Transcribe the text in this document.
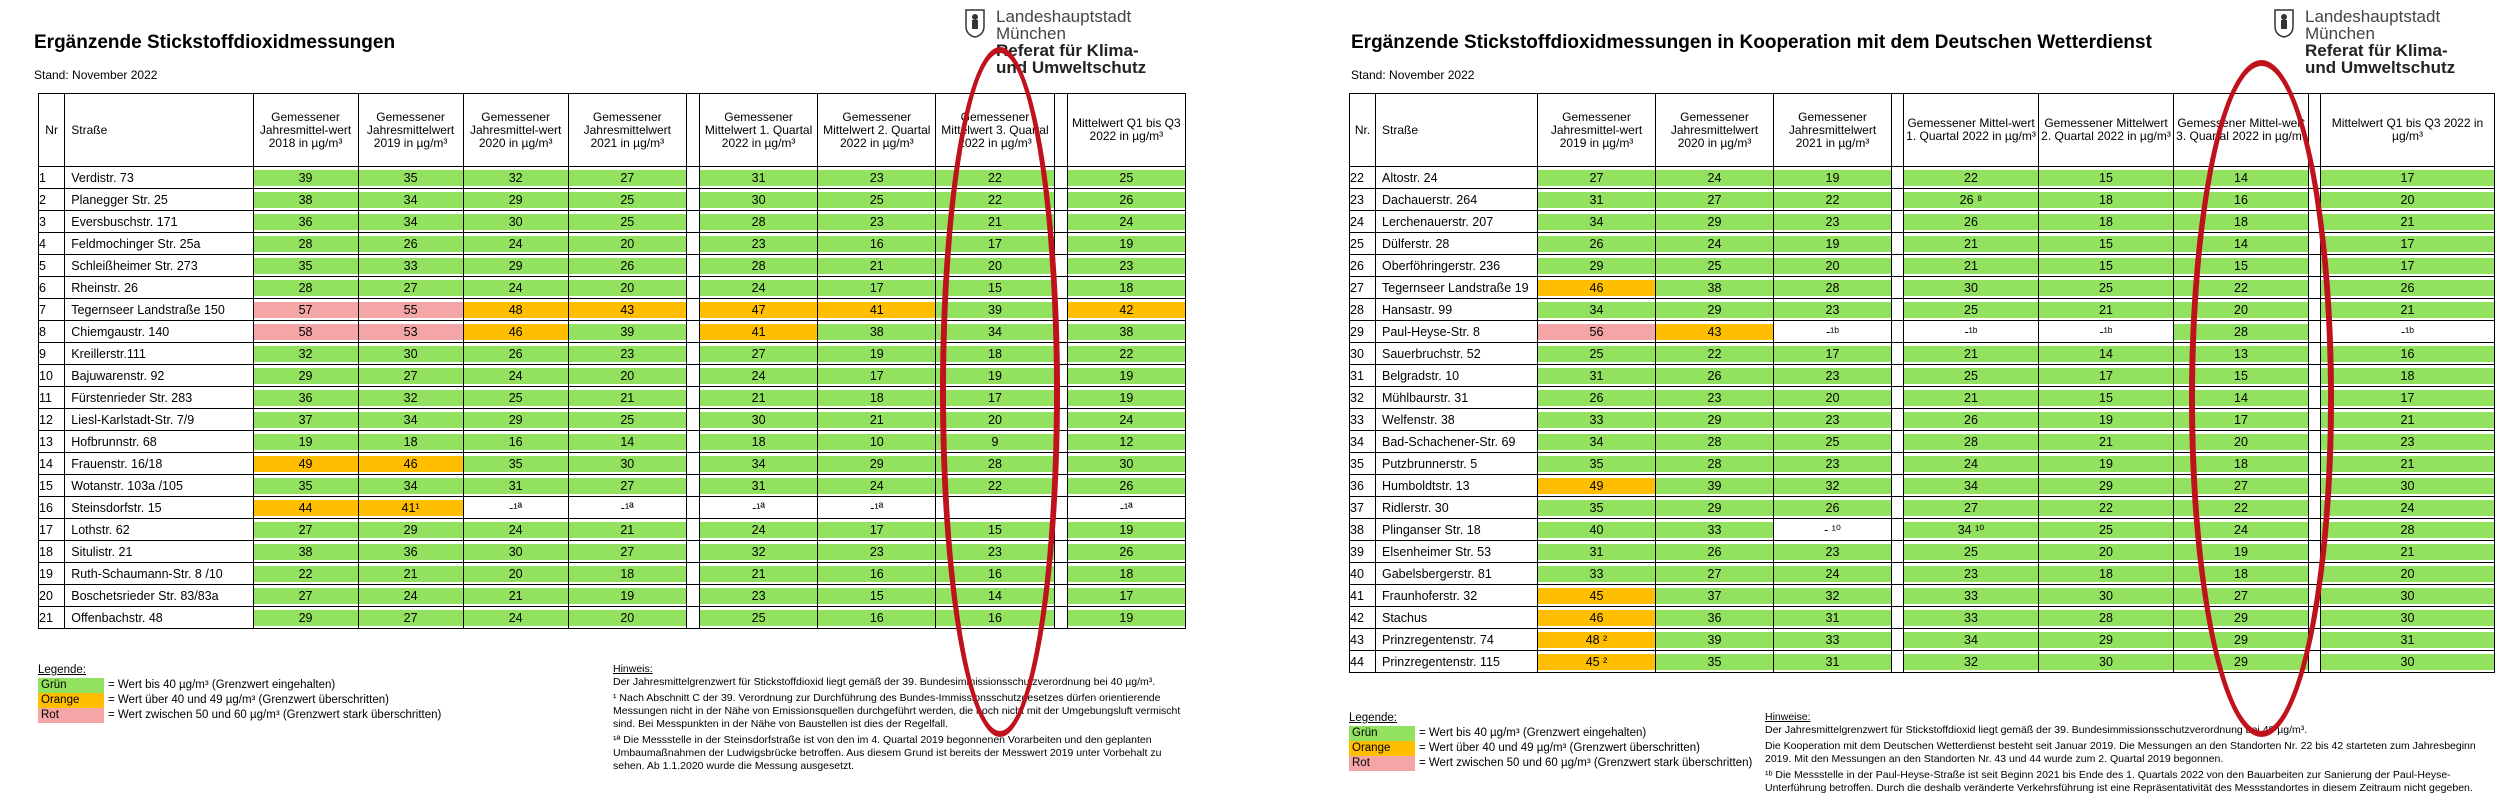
Ergänzende Stickstoffdioxidmessungen
Stand: November 2022
Landeshauptstadt
München
Referat für Klima-
und Umweltschutz
Nr	Straße	Gemessener Jahresmittel-wert 2018 in µg/m³	Gemessener Jahresmittelwert 2019 in µg/m³	Gemessener Jahresmittel-wert 2020 in µg/m³	Gemessener Jahresmittelwert 2021 in µg/m³		Gemessener Mittelwert 1. Quartal 2022 in µg/m³	Gemessener Mittelwert 2. Quartal 2022 in µg/m³	Gemessener Mittelwert 3. Quartal 2022 in µg/m³		Mittelwert Q1 bis Q3 2022 in µg/m³
1	Verdistr. 73	39	35	32	27		31	23	22		25

2	Planegger Str. 25	38	34	29	25		30	25	22		26

3	Eversbuschstr. 171	36	34	30	25		28	23	21		24

4	Feldmochinger Str. 25a	28	26	24	20		23	16	17		19

5	Schleißheimer Str. 273	35	33	29	26		28	21	20		23

6	Rheinstr. 26	28	27	24	20		24	17	15		18

7	Tegernseer Landstraße 150	57	55	48	43		47	41	39		42

8	Chiemgaustr. 140	58	53	46	39		41	38	34		38

9	Kreillerstr.111	32	30	26	23		27	19	18		22

10	Bajuwarenstr. 92	29	27	24	20		24	17	19		19

11	Fürstenrieder Str. 283	36	32	25	21		21	18	17		19

12	Liesl-Karlstadt-Str. 7/9	37	34	29	25		30	21	20		24

13	Hofbrunnstr. 68	19	18	16	14		18	10	9		12

14	Frauenstr. 16/18	49	46	35	30		34	29	28		30

15	Wotanstr. 103a /105	35	34	31	27		31	24	22		26

16	Steinsdorfstr. 15	44	41¹	-¹ª	-¹ª		-¹ª	-¹ª			-¹ª

17	Lothstr. 62	27	29	24	21		24	17	15		19

18	Situlistr. 21	38	36	30	27		32	23	23		26

19	Ruth-Schaumann-Str. 8 /10	22	21	20	18		21	16	16		18

20	Boschetsrieder Str. 83/83a	27	24	21	19		23	15	14		17

21	Offenbachstr. 48	29	27	24	20		25	16	16		19
Legende:
Grün	= Wert bis 40 µg/m³ (Grenzwert eingehalten)
Orange	= Wert über 40 und 49 µg/m³ (Grenzwert überschritten)
Rot	= Wert zwischen 50 und 60 µg/m³ (Grenzwert stark überschritten)
Hinweis:

Der Jahresmittelgrenzwert für Stickstoffdioxid liegt gemäß der 39. Bundesimmissionsschutzverordnung bei 40 µg/m³.

¹ Nach Abschnitt C der 39. Verordnung zur Durchführung des Bundes-Immissionsschutzgesetzes dürfen orientierende Messungen nicht in der Nähe von Emissionsquellen durchgeführt werden, die noch nicht mit der Umgebungsluft vermischt sind. Bei Messpunkten in der Nähe von Baustellen ist dies der Regelfall.

¹ª Die Messstelle in der Steinsdorfstraße ist von den im 4. Quartal 2019 begonnenen Vorarbeiten und den geplanten Umbaumaßnahmen der Ludwigsbrücke betroffen. Aus diesem Grund ist bereits der Messwert 2019 unter Vorbehalt zu sehen. Ab 1.1.2020 wurde die Messung ausgesetzt.

Ergänzende Stickstoffdioxidmessungen in Kooperation mit dem Deutschen Wetterdienst
Stand: November 2022
Landeshauptstadt
München
Referat für Klima-
und Umweltschutz
Nr.	Straße	Gemessener Jahresmittel-wert 2019 in µg/m³	Gemessener Jahresmittelwert 2020 in µg/m³	Gemessener Jahresmittelwert 2021 in µg/m³		Gemessener Mittel-wert 1. Quartal 2022 in µg/m³	Gemessener Mittelwert 2. Quartal 2022 in µg/m³	Gemessener Mittel-wert 3. Quartal 2022 in µg/m³		Mittelwert Q1 bis Q3 2022 in µg/m³
22	Altostr. 24	27	24	19		22	15	14		17

23	Dachauerstr. 264	31	27	22		26 ⁸	18	16		20

24	Lerchenauerstr. 207	34	29	23		26	18	18		21

25	Dülferstr. 28	26	24	19		21	15	14		17

26	Oberföhringerstr. 236	29	25	20		21	15	15		17

27	Tegernseer Landstraße 19	46	38	28		30	25	22		26

28	Hansastr. 99	34	29	23		25	21	20		21

29	Paul-Heyse-Str. 8	56	43	-¹ᵇ		-¹ᵇ	-¹ᵇ	28		-¹ᵇ

30	Sauerbruchstr. 52	25	22	17		21	14	13		16

31	Belgradstr. 10	31	26	23		25	17	15		18

32	Mühlbaurstr. 31	26	23	20		21	15	14		17

33	Welfenstr. 38	33	29	23		26	19	17		21

34	Bad-Schachener-Str. 69	34	28	25		28	21	20		23

35	Putzbrunnerstr. 5	35	28	23		24	19	18		21

36	Humboldtstr. 13	49	39	32		34	29	27		30

37	Ridlerstr. 30	35	29	26		27	22	22		24

38	Plinganser Str. 18	40	33	- ¹⁰		34 ¹⁰	25	24		28

39	Elsenheimer Str. 53	31	26	23		25	20	19		21

40	Gabelsbergerstr. 81	33	27	24		23	18	18		20

41	Fraunhoferstr. 32	45	37	32		33	30	27		30

42	Stachus	46	36	31		33	28	29		30

43	Prinzregentenstr. 74	48 ²	39	33		34	29	29		31

44	Prinzregentenstr. 115	45 ²	35	31		32	30	29		30
Legende:
Grün	= Wert bis 40 µg/m³ (Grenzwert eingehalten)
Orange	= Wert über 40 und 49 µg/m³ (Grenzwert überschritten)
Rot	= Wert zwischen 50 und 60 µg/m³ (Grenzwert stark überschritten)
Hinweise:

Der Jahresmittelgrenzwert für Stickstoffdioxid liegt gemäß der 39. Bundesimmissionsschutzverordnung bei 40 µg/m³.

Die Kooperation mit dem Deutschen Wetterdienst besteht seit Januar 2019. Die Messungen an den Standorten Nr. 22 bis 42 starteten zum Jahresbeginn 2019. Mit den Messungen an den Standorten Nr. 43 und 44 wurde zum 2. Quartal 2019 begonnen.

¹ᵇ Die Messstelle in der Paul-Heyse-Straße ist seit Beginn 2021 bis Ende des 1. Quartals 2022 von den Bauarbeiten zur Sanierung der Paul-Heyse-Unterführung betroffen. Durch die deshalb veränderte Verkehrsführung ist eine Repräsentativität des Messstandortes in diesem Zeitraum nicht gegeben.
